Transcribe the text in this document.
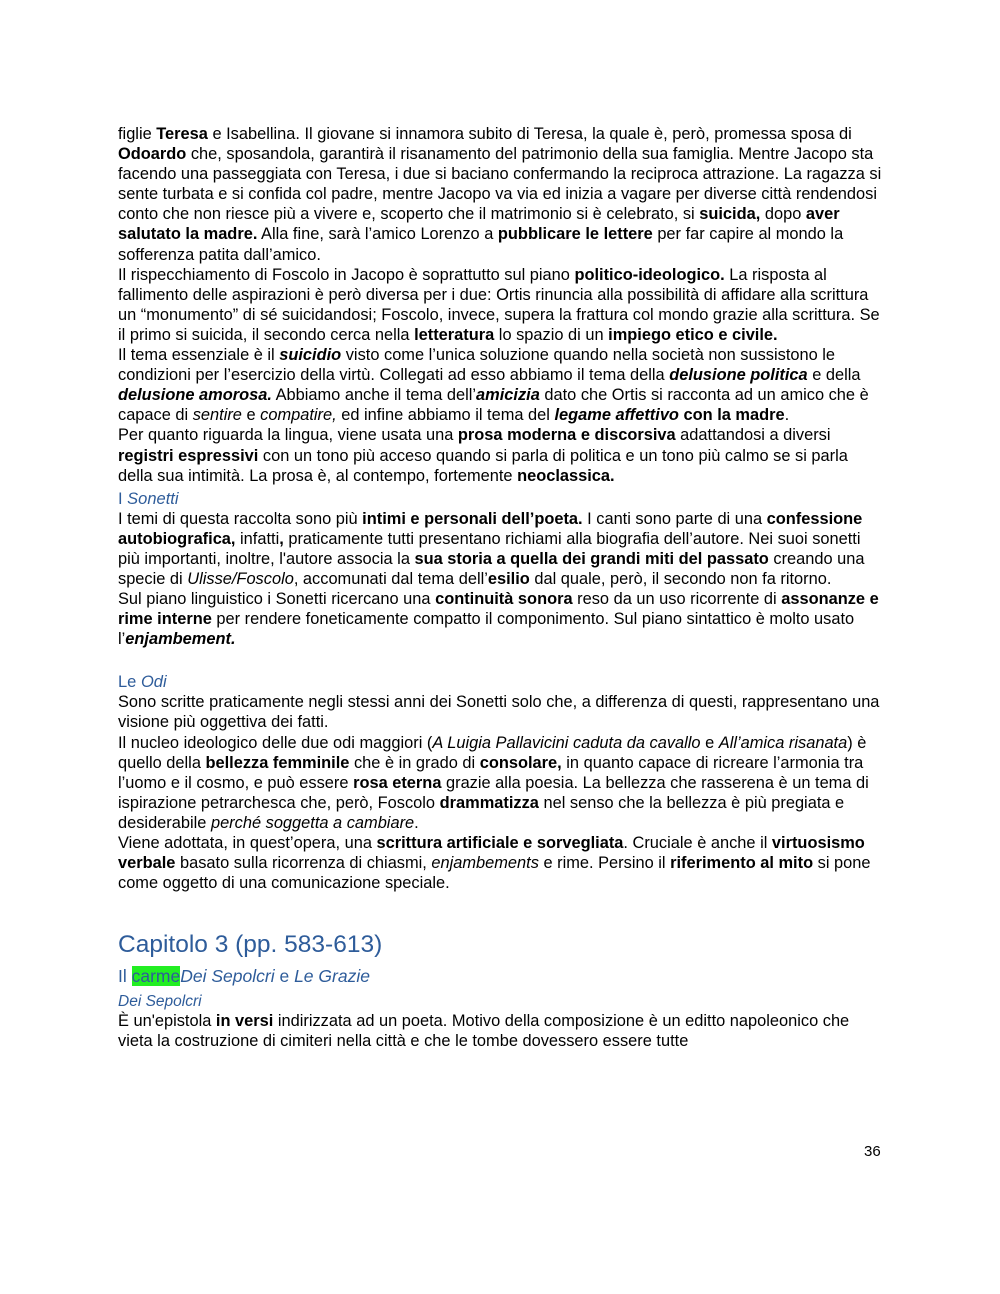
figlie Teresa e Isabellina. Il giovane si innamora subito di Teresa, la quale è, però, promessa sposa di Odoardo che, sposandola, garantirà il risanamento del patrimonio della sua famiglia. Mentre Jacopo sta facendo una passeggiata con Teresa, i due si baciano confermando la reciproca attrazione. La ragazza si sente turbata e si confida col padre, mentre Jacopo va via ed inizia a vagare per diverse città rendendosi conto che non riesce più a vivere e, scoperto che il matrimonio si è celebrato, si suicida, dopo aver salutato la madre. Alla fine, sarà l’amico Lorenzo a pubblicare le lettere per far capire al mondo la sofferenza patita dall’amico.

Il rispecchiamento di Foscolo in Jacopo è soprattutto sul piano politico-ideologico. La risposta al fallimento delle aspirazioni è però diversa per i due: Ortis rinuncia alla possibilità di affidare alla scrittura un “monumento” di sé suicidandosi; Foscolo, invece, supera la frattura col mondo grazie alla scrittura. Se il primo si suicida, il secondo cerca nella letteratura lo spazio di un impiego etico e civile.

Il tema essenziale è il suicidio visto come l’unica soluzione quando nella società non sussistono le condizioni per l’esercizio della virtù. Collegati ad esso abbiamo il tema della delusione politica e della delusione amorosa. Abbiamo anche il tema dell’amicizia dato che Ortis si racconta ad un amico che è capace di sentire e compatire, ed infine abbiamo il tema del legame affettivo con la madre.

Per quanto riguarda la lingua, viene usata una prosa moderna e discorsiva adattandosi a diversi registri espressivi con un tono più acceso quando si parla di politica e un tono più calmo se si parla della sua intimità. La prosa è, al contempo, fortemente neoclassica.

I Sonetti

I temi di questa raccolta sono più intimi e personali dell’poeta. I canti sono parte di una confessione autobiografica, infatti, praticamente tutti presentano richiami alla biografia dell’autore. Nei suoi sonetti più importanti, inoltre, l'autore associa la sua storia a quella dei grandi miti del passato creando una specie di Ulisse/Foscolo, accomunati dal tema dell’esilio dal quale, però, il secondo non fa ritorno.

Sul piano linguistico i Sonetti ricercano una continuità sonora reso da un uso ricorrente di assonanze e rime interne per rendere foneticamente compatto il componimento. Sul piano sintattico è molto usato l’enjambement.

Le Odi

Sono scritte praticamente negli stessi anni dei Sonetti solo che, a differenza di questi, rappresentano una visione più oggettiva dei fatti.

Il nucleo ideologico delle due odi maggiori (A Luigia Pallavicini caduta da cavallo e All’amica risanata) è quello della bellezza femminile che è in grado di consolare, in quanto capace di ricreare l’armonia tra l’uomo e il cosmo, e può essere rosa eterna grazie alla poesia. La bellezza che rasserena è un tema di ispirazione petrarchesca che, però, Foscolo drammatizza nel senso che la bellezza è più pregiata e desiderabile perché soggetta a cambiare.

Viene adottata, in quest’opera, una scrittura artificiale e sorvegliata. Cruciale è anche il virtuosismo verbale basato sulla ricorrenza di chiasmi, enjambements e rime. Persino il riferimento al mito si pone come oggetto di una comunicazione speciale.

Capitolo 3 (pp. 583-613)
Il carmeDei Sepolcri e Le Grazie
Dei Sepolcri

È un'epistola in versi indirizzata ad un poeta. Motivo della composizione è un editto napoleonico che vieta la costruzione di cimiteri nella città e che le tombe dovessero essere tutte

36
